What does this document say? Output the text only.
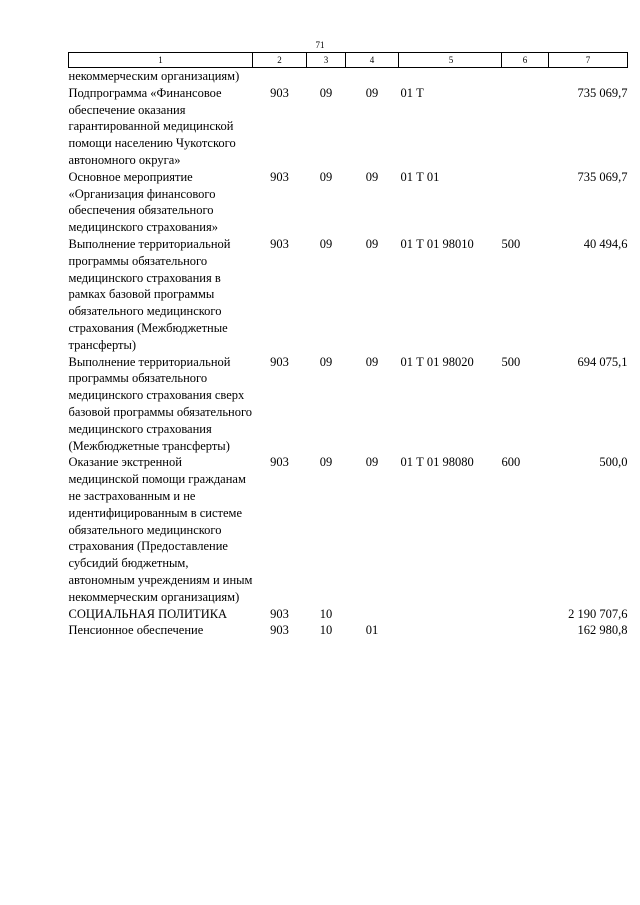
71
1	2	3	4	5	6	7
некоммерческим организациям)						
Подпрограмма «Финансовое обеспечение оказания гарантированной медицинской помощи населению Чукотского автономного округа»	903	09	09	01 Т		735 069,7
Основное мероприятие «Организация финансового обеспечения обязательного медицинского страхования»	903	09	09	01 Т 01		735 069,7
Выполнение территориальной программы обязательного медицинского страхования в рамках базовой программы обязательного медицинского страхования (Межбюджетные трансферты)	903	09	09	01 Т 01 98010	500	40 494,6
Выполнение территориальной программы обязательного медицинского страхования сверх базовой программы обязательного медицинского страхования (Межбюджетные трансферты)	903	09	09	01 Т 01 98020	500	694 075,1
Оказание экстренной медицинской помощи гражданам не застрахованным и не идентифицированным в системе обязательного медицинского страхования (Предоставление субсидий бюджетным, автономным учреждениям и иным некоммерческим организациям)	903	09	09	01 Т 01 98080	600	500,0
СОЦИАЛЬНАЯ ПОЛИТИКА	903	10				2 190 707,6
Пенсионное обеспечение	903	10	01			162 980,8
